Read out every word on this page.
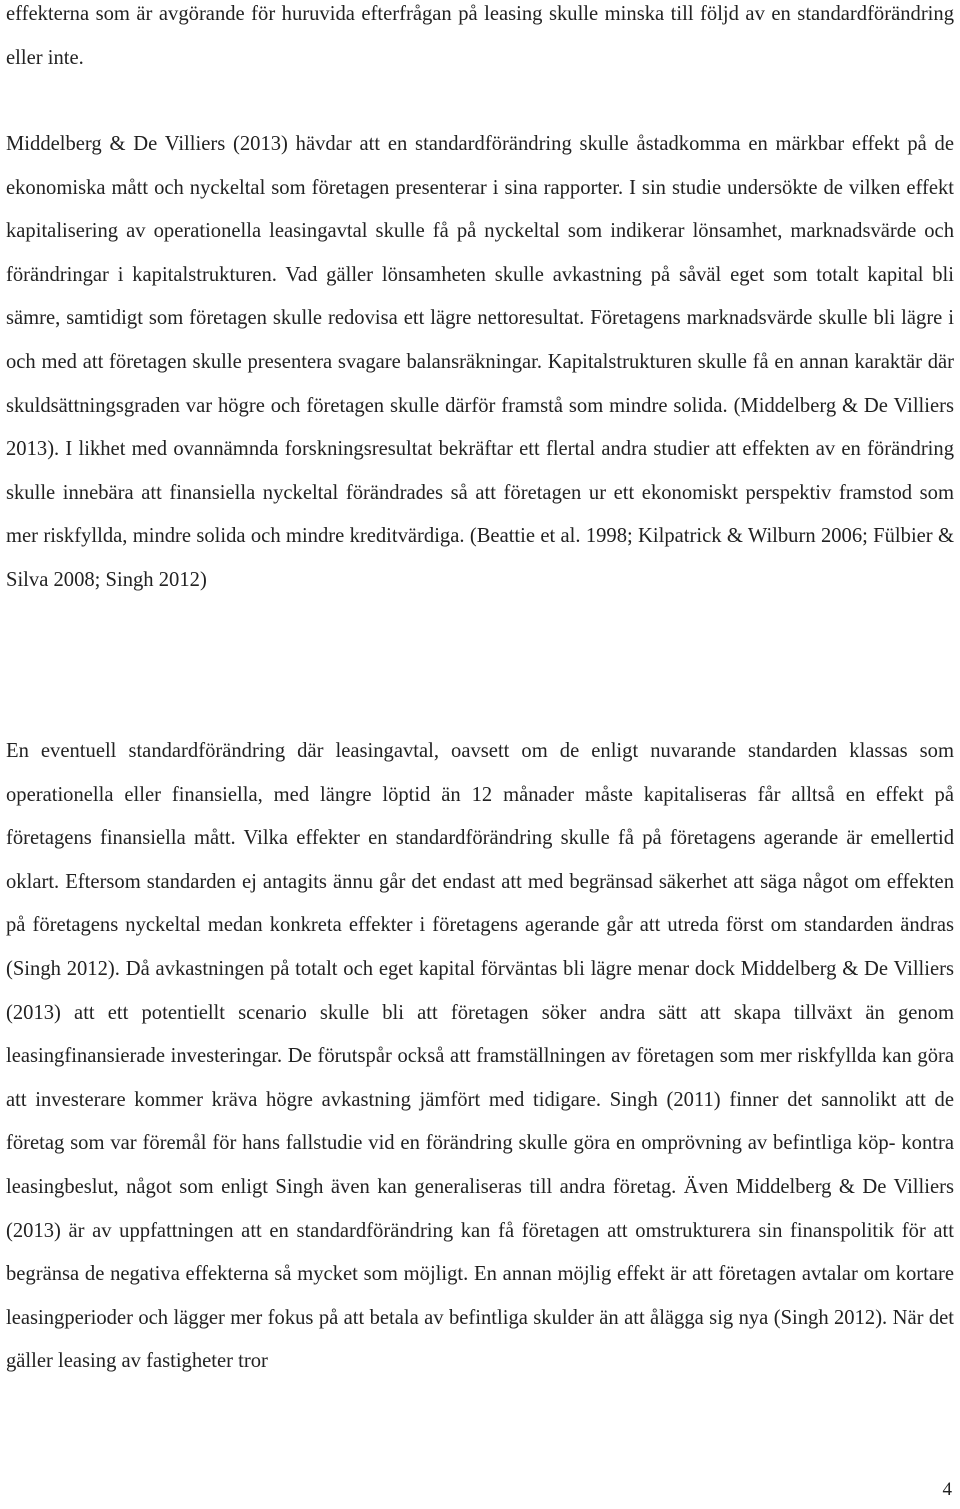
effekterna som är avgörande för huruvida efterfrågan på leasing skulle minska till följd av en standardförändring eller inte.

Middelberg & De Villiers (2013) hävdar att en standardförändring skulle åstadkomma en märkbar effekt på de ekonomiska mått och nyckeltal som företagen presenterar i sina rapporter. I sin studie undersökte de vilken effekt kapitalisering av operationella leasingavtal skulle få på nyckeltal som indikerar lönsamhet, marknadsvärde och förändringar i kapitalstrukturen. Vad gäller lönsamheten skulle avkastning på såväl eget som totalt kapital bli sämre, samtidigt som företagen skulle redovisa ett lägre nettoresultat. Företagens marknadsvärde skulle bli lägre i och med att företagen skulle presentera svagare balansräkningar. Kapitalstrukturen skulle få en annan karaktär där skuldsättningsgraden var högre och företagen skulle därför framstå som mindre solida. (Middelberg & De Villiers 2013). I likhet med ovannämnda forskningsresultat bekräftar ett flertal andra studier att effekten av en förändring skulle innebära att finansiella nyckeltal förändrades så att företagen ur ett ekonomiskt perspektiv framstod som mer riskfyllda, mindre solida och mindre kreditvärdiga. (Beattie et al. 1998; Kilpatrick & Wilburn 2006; Fülbier & Silva 2008; Singh 2012)

En eventuell standardförändring där leasingavtal, oavsett om de enligt nuvarande standarden klassas som operationella eller finansiella, med längre löptid än 12 månader måste kapitaliseras får alltså en effekt på företagens finansiella mått. Vilka effekter en standardförändring skulle få på företagens agerande är emellertid oklart. Eftersom standarden ej antagits ännu går det endast att med begränsad säkerhet att säga något om effekten på företagens nyckeltal medan konkreta effekter i företagens agerande går att utreda först om standarden ändras (Singh 2012). Då avkastningen på totalt och eget kapital förväntas bli lägre menar dock Middelberg & De Villiers (2013) att ett potentiellt scenario skulle bli att företagen söker andra sätt att skapa tillväxt än genom leasingfinansierade investeringar. De förutspår också att framställningen av företagen som mer riskfyllda kan göra att investerare kommer kräva högre avkastning jämfört med tidigare. Singh (2011) finner det sannolikt att de företag som var föremål för hans fallstudie vid en förändring skulle göra en omprövning av befintliga köp- kontra leasingbeslut, något som enligt Singh även kan generaliseras till andra företag. Även Middelberg & De Villiers (2013) är av uppfattningen att en standardförändring kan få företagen att omstrukturera sin finanspolitik för att begränsa de negativa effekterna så mycket som möjligt. En annan möjlig effekt är att företagen avtalar om kortare leasingperioder och lägger mer fokus på att betala av befintliga skulder än att ålägga sig nya (Singh 2012). När det gäller leasing av fastigheter tror

4
